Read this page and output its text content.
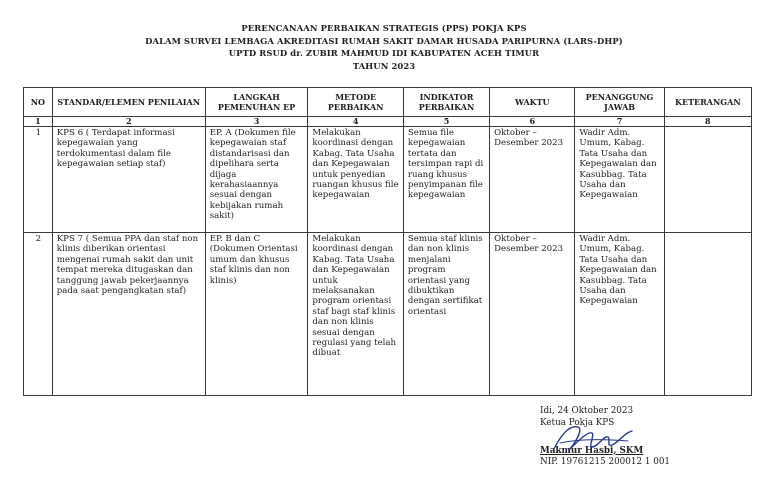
PERENCANAAN PERBAIKAN STRATEGIS (PPS) POKJA KPS
DALAM SURVEI LEMBAGA AKREDITASI RUMAH SAKIT DAMAR HUSADA PARIPURNA (LARS-DHP)
UPTD RSUD dr. ZUBIR MAHMUD IDI KABUPATEN ACEH TIMUR
TAHUN 2023
NO	STANDAR/ELEMEN PENILAIAN	LANGKAH PEMENUHAN EP	METODE PERBAIKAN	INDIKATOR PERBAIKAN	WAKTU	PENANGGUNG JAWAB	KETERANGAN
1	2	3	4	5	6	7	8
1	KPS 6 ( Terdapat informasi kepegawaian yang terdokumentasi dalam file kepegawaian setiap staf)	EP. A (Dokumen file kepegawaian staf distandarisasi dan dipelihara serta dijaga kerahasiaannya sesuai dengan kebijakan rumah sakit)	Melakukan koordinasi dengan Kabag. Tata Usaha dan Kepegawaian untuk penyedian ruangan khusus file kepegawaian	Semua file kepegawaian tertata dan tersimpan rapi di ruang khusus penyimpanan file kepegawaian	Oktober – Desember 2023	Wadir Adm. Umum, Kabag. Tata Usaha dan Kepegawaian dan Kasubbag. Tata Usaha dan Kepegawaian	
2	KPS 7 ( Semua PPA dan staf non klinis diberikan orientasi mengenai rumah sakit dan unit tempat mereka ditugaskan dan tanggung jawab pekerjaannya pada saat pengangkatan staf)	EP. B dan C (Dokumen Orientasi umum dan khusus staf klinis dan non klinis)	Melakukan koordinasi dengan Kabag. Tata Usaha dan Kepegawaian untuk melaksanakan program orientasi staf bagi staf klinis dan non klinis sesuai dengan regulasi yang telah dibuat	Semua staf klinis dan non klinis menjalani program orientasi yang dibuktikan dengan sertifikat orientasi	Oktober – Desember 2023	Wadir Adm. Umum, Kabag. Tata Usaha dan Kepegawaian dan Kasubbag. Tata Usaha dan Kepegawaian	
Idi, 24 Oktober 2023
Ketua Pokja KPS
Makmur Hasbi, SKM
NIP. 19761215 200012 1 001
